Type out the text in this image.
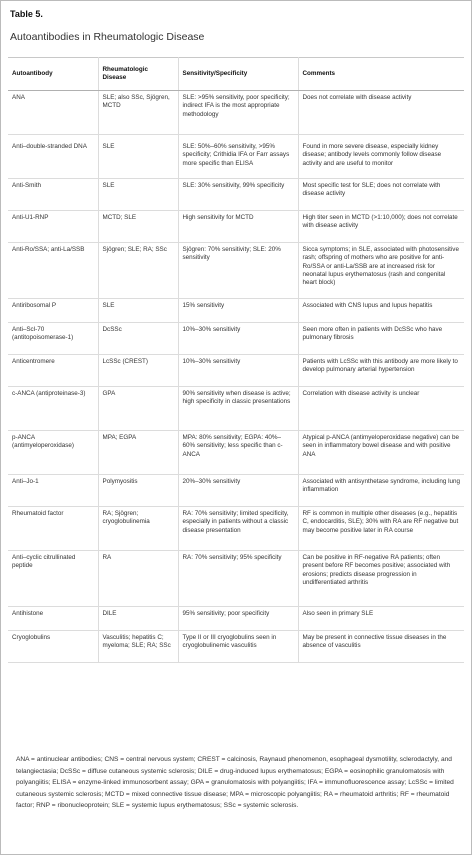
Table 5.
Autoantibodies in Rheumatologic Disease
Autoantibody	Rheumatologic Disease	Sensitivity/Specificity	Comments
ANA	SLE; also SSc, Sjögren, MCTD	SLE: >95% sensitivity, poor specificity; indirect IFA is the most appropriate methodology	Does not correlate with disease activity
Anti–double-stranded DNA	SLE	SLE: 50%–60% sensitivity, >95% specificity; Crithidia IFA or Farr assays more specific than ELISA	Found in more severe disease, especially kidney disease; antibody levels commonly follow disease activity and are useful to monitor
Anti-Smith	SLE	SLE: 30% sensitivity, 99% specificity	Most specific test for SLE; does not correlate with disease activity
Anti-U1-RNP	MCTD; SLE	High sensitivity for MCTD	High titer seen in MCTD (>1:10,000); does not correlate with disease activity
Anti-Ro/SSA; anti-La/SSB	Sjögren; SLE; RA; SSc	Sjögren: 70% sensitivity; SLE: 20% sensitivity	Sicca symptoms; in SLE, associated with photosensitive rash; offspring of mothers who are positive for anti-Ro/SSA or anti-La/SSB are at increased risk for neonatal lupus erythematosus (rash and congenital heart block)
Antiribosomal P	SLE	15% sensitivity	Associated with CNS lupus and lupus hepatitis
Anti–Scl-70 (antitopoisomerase-1)	DcSSc	10%–30% sensitivity	Seen more often in patients with DcSSc who have pulmonary fibrosis
Anticentromere	LcSSc (CREST)	10%–30% sensitivity	Patients with LcSSc with this antibody are more likely to develop pulmonary arterial hypertension
c-ANCA (antiproteinase-3)	GPA	90% sensitivity when disease is active; high specificity in classic presentations	Correlation with disease activity is unclear
p-ANCA (antimyeloperoxidase)	MPA; EGPA	MPA: 80% sensitivity; EGPA: 40%–60% sensitivity; less specific than c-ANCA	Atypical p-ANCA (antimyeloperoxidase negative) can be seen in inflammatory bowel disease and with positive ANA
Anti–Jo-1	Polymyositis	20%–30% sensitivity	Associated with antisynthetase syndrome, including lung inflammation
Rheumatoid factor	RA; Sjögren; cryoglobulinemia	RA: 70% sensitivity; limited specificity, especially in patients without a classic disease presentation	RF is common in multiple other diseases (e.g., hepatitis C, endocarditis, SLE); 30% with RA are RF negative but may become positive later in RA course
Anti–cyclic citrullinated peptide	RA	RA: 70% sensitivity; 95% specificity	Can be positive in RF-negative RA patients; often present before RF becomes positive; associated with erosions; predicts disease progression in undifferentiated arthritis
Antihistone	DILE	95% sensitivity; poor specificity	Also seen in primary SLE
Cryoglobulins	Vasculitis; hepatitis C; myeloma; SLE; RA; SSc	Type II or III cryoglobulins seen in cryoglobulinemic vasculitis	May be present in connective tissue diseases in the absence of vasculitis
ANA = antinuclear antibodies; CNS = central nervous system; CREST = calcinosis, Raynaud phenomenon, esophageal dysmotility, sclerodactyly, and telangiectasia; DcSSc = diffuse cutaneous systemic sclerosis; DILE = drug-induced lupus erythematosus; EGPA = eosinophilic granulomatosis with polyangiitis; ELISA = enzyme-linked immunosorbent assay; GPA = granulomatosis with polyangiitis; IFA = immunofluorescence assay; LcSSc = limited cutaneous systemic sclerosis; MCTD = mixed connective tissue disease; MPA = microscopic polyangiitis; RA = rheumatoid arthritis; RF = rheumatoid factor; RNP = ribonucleoprotein; SLE = systemic lupus erythematosus; SSc = systemic sclerosis.
